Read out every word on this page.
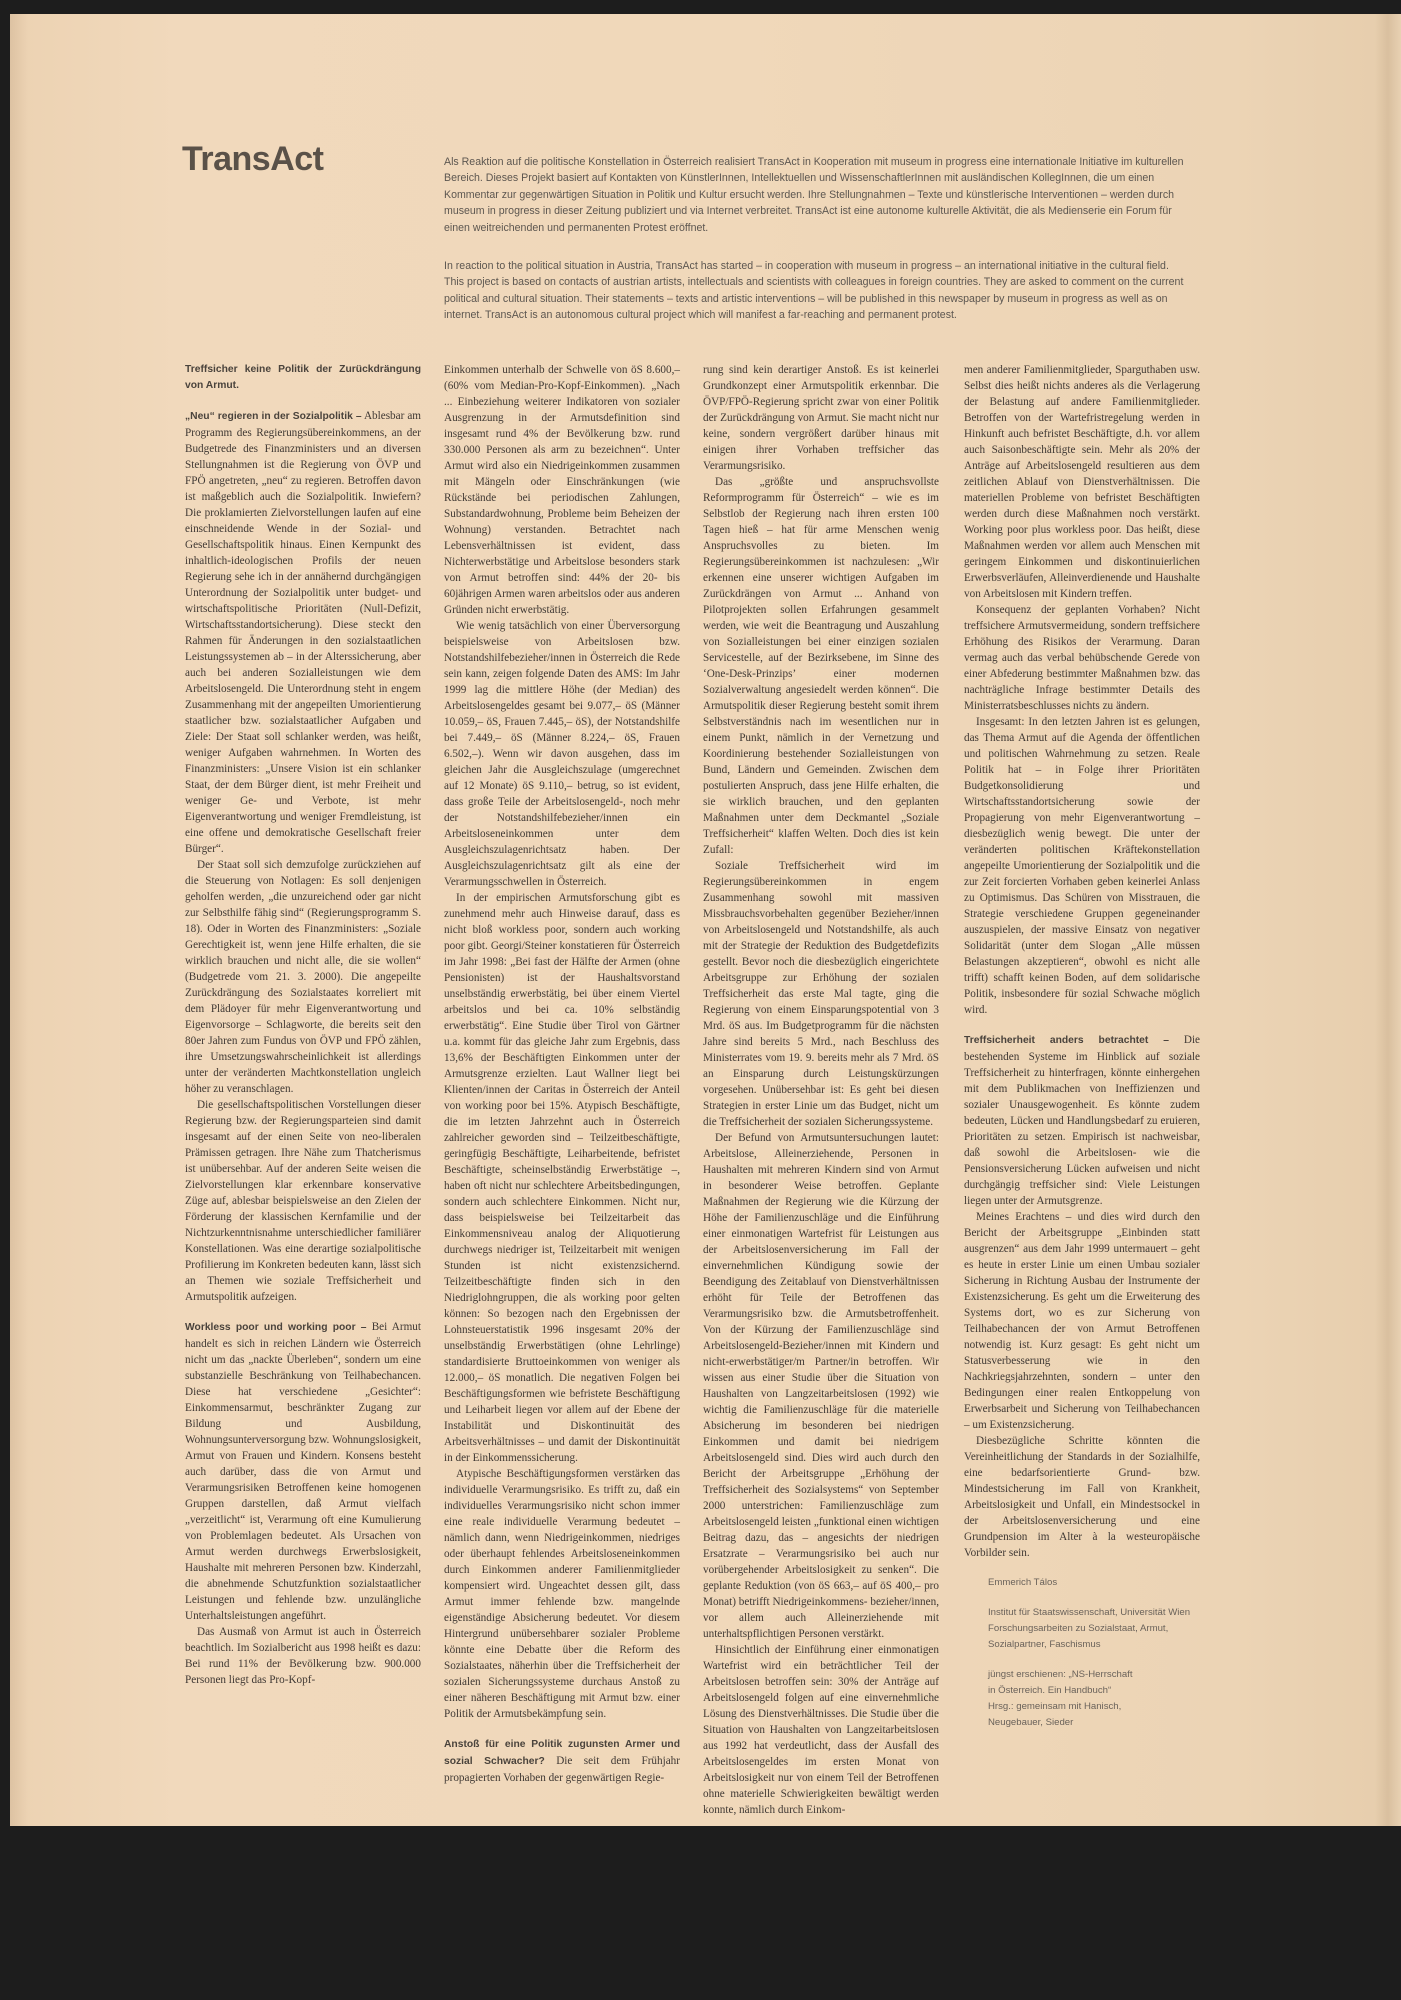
TransAct	Als Reaktion auf die politische Konstellation in Österreich realisiert TransAct in Kooperation mit museum in progress eine internationale Initiative im kulturellen Bereich. Dieses Projekt basiert auf Kontakten von KünstlerInnen, Intellektuellen und WissenschaftlerInnen mit ausländischen KollegInnen, die um einen Kommentar zur gegenwärtigen Situation in Politik und Kultur ersucht werden. Ihre Stellungnahmen – Texte und künstlerische Interventionen – werden durch museum in progress in dieser Zeitung publiziert und via Internet verbreitet. TransAct ist eine autonome kulturelle Aktivität, die als Medienserie ein Forum für einen weitreichenden und permanenten Protest eröffnet.

In reaction to the political situation in Austria, TransAct has started – in cooperation with museum in progress – an international initiative in the cultural field. This project is based on contacts of austrian artists, intellectuals and scientists with colleagues in foreign countries. They are asked to comment on the current political and cultural situation. Their statements – texts and artistic interventions – will be published in this newspaper by museum in progress as well as on internet. TransAct is an autonomous cultural project which will manifest a far-reaching and permanent protest.

Treffsicher keine Politik der Zurückdrängung von Armut.

„Neu“ regieren in der Sozialpolitik – Ablesbar am Programm des Regierungsübereinkommens, an der Budgetrede des Finanzministers und an diversen Stellungnahmen ist die Regierung von ÖVP und FPÖ angetreten, „neu“ zu regieren. Betroffen davon ist maßgeblich auch die Sozialpolitik. Inwiefern? Die proklamierten Zielvorstellungen laufen auf eine einschneidende Wende in der Sozial- und Gesellschaftspolitik hinaus. Einen Kernpunkt des inhaltlich-ideologischen Profils der neuen Regierung sehe ich in der annähernd durchgängigen Unterordnung der Sozialpolitik unter budget- und wirtschaftspolitische Prioritäten (Null-Defizit, Wirtschaftsstandortsicherung). Diese steckt den Rahmen für Änderungen in den sozialstaatlichen Leistungssystemen ab – in der Alterssicherung, aber auch bei anderen Sozialleistungen wie dem Arbeitslosengeld. Die Unterordnung steht in engem Zusammenhang mit der angepeilten Umorientierung staatlicher bzw. sozialstaatlicher Aufgaben und Ziele: Der Staat soll schlanker werden, was heißt, weniger Aufgaben wahrnehmen. In Worten des Finanzministers: „Unsere Vision ist ein schlanker Staat, der dem Bürger dient, ist mehr Freiheit und weniger Ge- und Verbote, ist mehr Eigenverantwortung und weniger Fremdleistung, ist eine offene und demokratische Gesellschaft freier Bürger“.

Der Staat soll sich demzufolge zurückziehen auf die Steuerung von Notlagen: Es soll denjenigen geholfen werden, „die unzureichend oder gar nicht zur Selbsthilfe fähig sind“ (Regierungsprogramm S. 18). Oder in Worten des Finanzministers: „Soziale Gerechtigkeit ist, wenn jene Hilfe erhalten, die sie wirklich brauchen und nicht alle, die sie wollen“ (Budgetrede vom 21. 3. 2000). Die angepeilte Zurückdrängung des Sozialstaates korreliert mit dem Plädoyer für mehr Eigenverantwortung und Eigenvorsorge – Schlagworte, die bereits seit den 80er Jahren zum Fundus von ÖVP und FPÖ zählen, ihre Umsetzungswahrscheinlichkeit ist allerdings unter der veränderten Machtkonstellation ungleich höher zu veranschlagen.

Die gesellschaftspolitischen Vorstellungen dieser Regierung bzw. der Regierungsparteien sind damit insgesamt auf der einen Seite von neo-liberalen Prämissen getragen. Ihre Nähe zum Thatcherismus ist unübersehbar. Auf der anderen Seite weisen die Zielvorstellungen klar erkennbare konservative Züge auf, ablesbar beispielsweise an den Zielen der Förderung der klassischen Kernfamilie und der Nichtzurkenntnisnahme unterschiedlicher familiärer Konstellationen. Was eine derartige sozialpolitische Profilierung im Konkreten bedeuten kann, lässt sich an Themen wie soziale Treffsicherheit und Armutspolitik aufzeigen.

Workless poor und working poor – Bei Armut handelt es sich in reichen Ländern wie Österreich nicht um das „nackte Überleben“, sondern um eine substanzielle Beschränkung von Teilhabechancen. Diese hat verschiedene „Gesichter“: Einkommensarmut, beschränkter Zugang zur Bildung und Ausbildung, Wohnungsunterversorgung bzw. Wohnungslosigkeit, Armut von Frauen und Kindern. Konsens besteht auch darüber, dass die von Armut und Verarmungsrisiken Betroffenen keine homogenen Gruppen darstellen, daß Armut vielfach „verzeitlicht“ ist, Verarmung oft eine Kumulierung von Problemlagen bedeutet. Als Ursachen von Armut werden durchwegs Erwerbslosigkeit, Haushalte mit mehreren Personen bzw. Kinderzahl, die abnehmende Schutzfunktion sozialstaatlicher Leistungen und fehlende bzw. unzulängliche Unterhaltsleistungen angeführt.

Das Ausmaß von Armut ist auch in Österreich beachtlich. Im Sozialbericht aus 1998 heißt es dazu: Bei rund 11% der Bevölkerung bzw. 900.000 Personen liegt das Pro-Kopf-

Einkommen unterhalb der Schwelle von öS 8.600,– (60% vom Median-Pro-Kopf-Einkommen). „Nach ... Einbeziehung weiterer Indikatoren von sozialer Ausgrenzung in der Armutsdefinition sind insgesamt rund 4% der Bevölkerung bzw. rund 330.000 Personen als arm zu bezeichnen“. Unter Armut wird also ein Niedrigeinkommen zusammen mit Mängeln oder Einschränkungen (wie Rückstände bei periodischen Zahlungen, Substandardwohnung, Probleme beim Beheizen der Wohnung) verstanden. Betrachtet nach Lebensverhältnissen ist evident, dass Nichterwerbstätige und Arbeitslose besonders stark von Armut betroffen sind: 44% der 20- bis 60jährigen Armen waren arbeitslos oder aus anderen Gründen nicht erwerbstätig.

Wie wenig tatsächlich von einer Überversorgung beispielsweise von Arbeitslosen bzw. Notstandshilfebezieher/innen in Österreich die Rede sein kann, zeigen folgende Daten des AMS: Im Jahr 1999 lag die mittlere Höhe (der Median) des Arbeitslosengeldes gesamt bei 9.077,– öS (Männer 10.059,– öS, Frauen 7.445,– öS), der Notstandshilfe bei 7.449,– öS (Männer 8.224,– öS, Frauen 6.502,–). Wenn wir davon ausgehen, dass im gleichen Jahr die Ausgleichszulage (umgerechnet auf 12 Monate) öS 9.110,– betrug, so ist evident, dass große Teile der Arbeitslosengeld-, noch mehr der Notstandshilfebezieher/innen ein Arbeitsloseneinkommen unter dem Ausgleichszulagenrichtsatz haben. Der Ausgleichszulagenrichtsatz gilt als eine der Verarmungsschwellen in Österreich.

In der empirischen Armutsforschung gibt es zunehmend mehr auch Hinweise darauf, dass es nicht bloß workless poor, sondern auch working poor gibt. Georgi/Steiner konstatieren für Österreich im Jahr 1998: „Bei fast der Hälfte der Armen (ohne Pensionisten) ist der Haushaltsvorstand unselbständig erwerbstätig, bei über einem Viertel arbeitslos und bei ca. 10% selbständig erwerbstätig“. Eine Studie über Tirol von Gärtner u.a. kommt für das gleiche Jahr zum Ergebnis, dass 13,6% der Beschäftigten Einkommen unter der Armutsgrenze erzielten. Laut Wallner liegt bei Klienten/innen der Caritas in Österreich der Anteil von working poor bei 15%. Atypisch Beschäftigte, die im letzten Jahrzehnt auch in Österreich zahlreicher geworden sind – Teilzeitbeschäftigte, geringfügig Beschäftigte, Leiharbeitende, befristet Beschäftigte, scheinselbständig Erwerbstätige –, haben oft nicht nur schlechtere Arbeitsbedingungen, sondern auch schlechtere Einkommen. Nicht nur, dass beispielsweise bei Teilzeitarbeit das Einkommensniveau analog der Aliquotierung durchwegs niedriger ist, Teilzeitarbeit mit wenigen Stunden ist nicht existenzsichernd. Teilzeitbeschäftigte finden sich in den Niedriglohngruppen, die als working poor gelten können: So bezogen nach den Ergebnissen der Lohnsteuerstatistik 1996 insgesamt 20% der unselbständig Erwerbstätigen (ohne Lehrlinge) standardisierte Bruttoeinkommen von weniger als 12.000,– öS monatlich. Die negativen Folgen bei Beschäftigungsformen wie befristete Beschäftigung und Leiharbeit liegen vor allem auf der Ebene der Instabilität und Diskontinuität des Arbeitsverhältnisses – und damit der Diskontinuität in der Einkommenssicherung.

Atypische Beschäftigungsformen verstärken das individuelle Verarmungsrisiko. Es trifft zu, daß ein individuelles Verarmungsrisiko nicht schon immer eine reale individuelle Verarmung bedeutet – nämlich dann, wenn Niedrigeinkommen, niedriges oder überhaupt fehlendes Arbeitsloseneinkommen durch Einkommen anderer Familienmitglieder kompensiert wird. Ungeachtet dessen gilt, dass Armut immer fehlende bzw. mangelnde eigenständige Absicherung bedeutet. Vor diesem Hintergrund unübersehbarer sozialer Probleme könnte eine Debatte über die Reform des Sozialstaates, näherhin über die Treffsicherheit der sozialen Sicherungssysteme durchaus Anstoß zu einer näheren Beschäftigung mit Armut bzw. einer Politik der Armutsbekämpfung sein.

Anstoß für eine Politik zugunsten Armer und sozial Schwacher? Die seit dem Frühjahr propagierten Vorhaben der gegenwärtigen Regie-

rung sind kein derartiger Anstoß. Es ist keinerlei Grundkonzept einer Armutspolitik erkennbar. Die ÖVP/FPÖ-Regierung spricht zwar von einer Politik der Zurückdrängung von Armut. Sie macht nicht nur keine, sondern vergrößert darüber hinaus mit einigen ihrer Vorhaben treffsicher das Verarmungsrisiko.

Das „größte und anspruchsvollste Reformprogramm für Österreich“ – wie es im Selbstlob der Regierung nach ihren ersten 100 Tagen hieß – hat für arme Menschen wenig Anspruchsvolles zu bieten. Im Regierungsübereinkommen ist nachzulesen: „Wir erkennen eine unserer wichtigen Aufgaben im Zurückdrängen von Armut ... Anhand von Pilotprojekten sollen Erfahrungen gesammelt werden, wie weit die Beantragung und Auszahlung von Sozialleistungen bei einer einzigen sozialen Servicestelle, auf der Bezirksebene, im Sinne des ‘One-Desk-Prinzips’ einer modernen Sozialverwaltung angesiedelt werden können“. Die Armutspolitik dieser Regierung besteht somit ihrem Selbstverständnis nach im wesentlichen nur in einem Punkt, nämlich in der Vernetzung und Koordinierung bestehender Sozialleistungen von Bund, Ländern und Gemeinden. Zwischen dem postulierten Anspruch, dass jene Hilfe erhalten, die sie wirklich brauchen, und den geplanten Maßnahmen unter dem Deckmantel „Soziale Treffsicherheit“ klaffen Welten. Doch dies ist kein Zufall:

Soziale Treffsicherheit wird im Regierungsübereinkommen in engem Zusammenhang sowohl mit massiven Missbrauchsvorbehalten gegenüber Bezieher/innen von Arbeitslosengeld und Notstandshilfe, als auch mit der Strategie der Reduktion des Budgetdefizits gestellt. Bevor noch die diesbezüglich eingerichtete Arbeitsgruppe zur Erhöhung der sozialen Treffsicherheit das erste Mal tagte, ging die Regierung von einem Einsparungspotential von 3 Mrd. öS aus. Im Budgetprogramm für die nächsten Jahre sind bereits 5 Mrd., nach Beschluss des Ministerrates vom 19. 9. bereits mehr als 7 Mrd. öS an Einsparung durch Leistungskürzungen vorgesehen. Unübersehbar ist: Es geht bei diesen Strategien in erster Linie um das Budget, nicht um die Treffsicherheit der sozialen Sicherungssysteme.

Der Befund von Armutsuntersuchungen lautet: Arbeitslose, Alleinerziehende, Personen in Haushalten mit mehreren Kindern sind von Armut in besonderer Weise betroffen. Geplante Maßnahmen der Regierung wie die Kürzung der Höhe der Familienzuschläge und die Einführung einer einmonatigen Wartefrist für Leistungen aus der Arbeitslosenversicherung im Fall der einvernehmlichen Kündigung sowie der Beendigung des Zeitablauf von Dienstverhältnissen erhöht für Teile der Betroffenen das Verarmungsrisiko bzw. die Armutsbetroffenheit. Von der Kürzung der Familienzuschläge sind Arbeitslosengeld-Bezieher/innen mit Kindern und nicht-erwerbstätiger/m Partner/in betroffen. Wir wissen aus einer Studie über die Situation von Haushalten von Langzeitarbeitslosen (1992) wie wichtig die Familienzuschläge für die materielle Absicherung im besonderen bei niedrigen Einkommen und damit bei niedrigem Arbeitslosengeld sind. Dies wird auch durch den Bericht der Arbeitsgruppe „Erhöhung der Treffsicherheit des Sozialsystems“ von September 2000 unterstrichen: Familienzuschläge zum Arbeitslosengeld leisten „funktional einen wichtigen Beitrag dazu, das – angesichts der niedrigen Ersatzrate – Verarmungsrisiko bei auch nur vorübergehender Arbeitslosigkeit zu senken“. Die geplante Reduktion (von öS 663,– auf öS 400,– pro Monat) betrifft Niedrigeinkommens- bezieher/innen, vor allem auch Alleinerziehende mit unterhaltspflichtigen Personen verstärkt.

Hinsichtlich der Einführung einer einmonatigen Wartefrist wird ein beträchtlicher Teil der Arbeitslosen betroffen sein: 30% der Anträge auf Arbeitslosengeld folgen auf eine einvernehmliche Lösung des Dienstverhältnisses. Die Studie über die Situation von Haushalten von Langzeitarbeitslosen aus 1992 hat verdeutlicht, dass der Ausfall des Arbeitslosengeldes im ersten Monat von Arbeitslosigkeit nur von einem Teil der Betroffenen ohne materielle Schwierigkeiten bewältigt werden konnte, nämlich durch Einkom-

men anderer Familienmitglieder, Sparguthaben usw. Selbst dies heißt nichts anderes als die Verlagerung der Belastung auf andere Familienmitglieder. Betroffen von der Wartefristregelung werden in Hinkunft auch befristet Beschäftigte, d.h. vor allem auch Saisonbeschäftigte sein. Mehr als 20% der Anträge auf Arbeitslosengeld resultieren aus dem zeitlichen Ablauf von Dienstverhältnissen. Die materiellen Probleme von befristet Beschäftigten werden durch diese Maßnahmen noch verstärkt. Working poor plus workless poor. Das heißt, diese Maßnahmen werden vor allem auch Menschen mit geringem Einkommen und diskontinuierlichen Erwerbsverläufen, Alleinverdienende und Haushalte von Arbeitslosen mit Kindern treffen.

Konsequenz der geplanten Vorhaben? Nicht treffsichere Armutsvermeidung, sondern treffsichere Erhöhung des Risikos der Verarmung. Daran vermag auch das verbal behübschende Gerede von einer Abfederung bestimmter Maßnahmen bzw. das nachträgliche Infrage bestimmter Details des Ministerratsbeschlusses nichts zu ändern.

Insgesamt: In den letzten Jahren ist es gelungen, das Thema Armut auf die Agenda der öffentlichen und politischen Wahrnehmung zu setzen. Reale Politik hat – in Folge ihrer Prioritäten Budgetkonsolidierung und Wirtschaftsstandortsicherung sowie der Propagierung von mehr Eigenverantwortung – diesbezüglich wenig bewegt. Die unter der veränderten politischen Kräftekonstellation angepeilte Umorientierung der Sozialpolitik und die zur Zeit forcierten Vorhaben geben keinerlei Anlass zu Optimismus. Das Schüren von Misstrauen, die Strategie verschiedene Gruppen gegeneinander auszuspielen, der massive Einsatz von negativer Solidarität (unter dem Slogan „Alle müssen Belastungen akzeptieren“, obwohl es nicht alle trifft) schafft keinen Boden, auf dem solidarische Politik, insbesondere für sozial Schwache möglich wird.

Treffsicherheit anders betrachtet – Die bestehenden Systeme im Hinblick auf soziale Treffsicherheit zu hinterfragen, könnte einhergehen mit dem Publikmachen von Ineffizienzen und sozialer Unausgewogenheit. Es könnte zudem bedeuten, Lücken und Handlungsbedarf zu eruieren, Prioritäten zu setzen. Empirisch ist nachweisbar, daß sowohl die Arbeitslosen- wie die Pensionsversicherung Lücken aufweisen und nicht durchgängig treffsicher sind: Viele Leistungen liegen unter der Armutsgrenze.

Meines Erachtens – und dies wird durch den Bericht der Arbeitsgruppe „Einbinden statt ausgrenzen“ aus dem Jahr 1999 untermauert – geht es heute in erster Linie um einen Umbau sozialer Sicherung in Richtung Ausbau der Instrumente der Existenzsicherung. Es geht um die Erweiterung des Systems dort, wo es zur Sicherung von Teilhabechancen der von Armut Betroffenen notwendig ist. Kurz gesagt: Es geht nicht um Statusverbesserung wie in den Nachkriegsjahrzehnten, sondern – unter den Bedingungen einer realen Entkoppelung von Erwerbsarbeit und Sicherung von Teilhabechancen – um Existenzsicherung.

Diesbezügliche Schritte könnten die Vereinheitlichung der Standards in der Sozialhilfe, eine bedarfsorientierte Grund- bzw. Mindestsicherung im Fall von Krankheit, Arbeitslosigkeit und Unfall, ein Mindestsockel in der Arbeitslosenversicherung und eine Grundpension im Alter à la westeuropäische Vorbilder sein.

Emmerich Tálos

Institut für Staatswissenschaft, Universität Wien
Forschungsarbeiten zu Sozialstaat, Armut,
Sozialpartner, Faschismus

jüngst erschienen: „NS-Herrschaft
in Österreich. Ein Handbuch“
Hrsg.: gemeinsam mit Hanisch,
Neugebauer, Sieder
